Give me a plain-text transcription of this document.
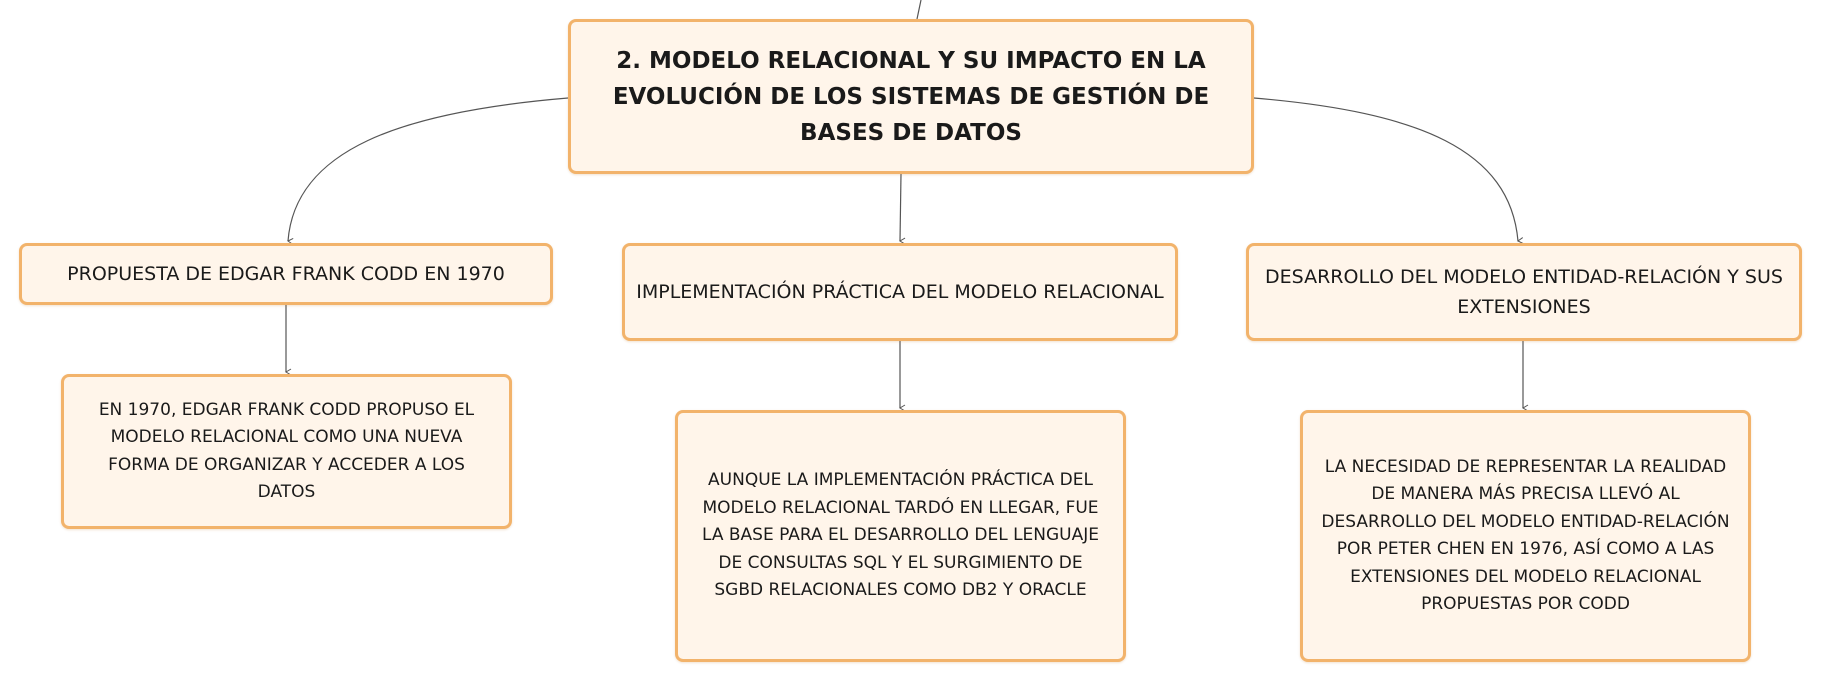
2. MODELO RELACIONAL Y SU IMPACTO EN LA EVOLUCIÓN DE LOS SISTEMAS DE GESTIÓN DE BASES DE DATOS
PROPUESTA DE EDGAR FRANK CODD EN 1970
IMPLEMENTACIÓN PRÁCTICA DEL MODELO RELACIONAL
DESARROLLO DEL MODELO ENTIDAD-RELACIÓN Y SUS EXTENSIONES
EN 1970, EDGAR FRANK CODD PROPUSO EL MODELO RELACIONAL COMO UNA NUEVA FORMA DE ORGANIZAR Y ACCEDER A LOS DATOS
AUNQUE LA IMPLEMENTACIÓN PRÁCTICA DEL MODELO RELACIONAL TARDÓ EN LLEGAR, FUE LA BASE PARA EL DESARROLLO DEL LENGUAJE DE CONSULTAS SQL Y EL SURGIMIENTO DE SGBD RELACIONALES COMO DB2 Y ORACLE
LA NECESIDAD DE REPRESENTAR LA REALIDAD DE MANERA MÁS PRECISA LLEVÓ AL DESARROLLO DEL MODELO ENTIDAD-RELACIÓN POR PETER CHEN EN 1976, ASÍ COMO A LAS EXTENSIONES DEL MODELO RELACIONAL PROPUESTAS POR CODD
